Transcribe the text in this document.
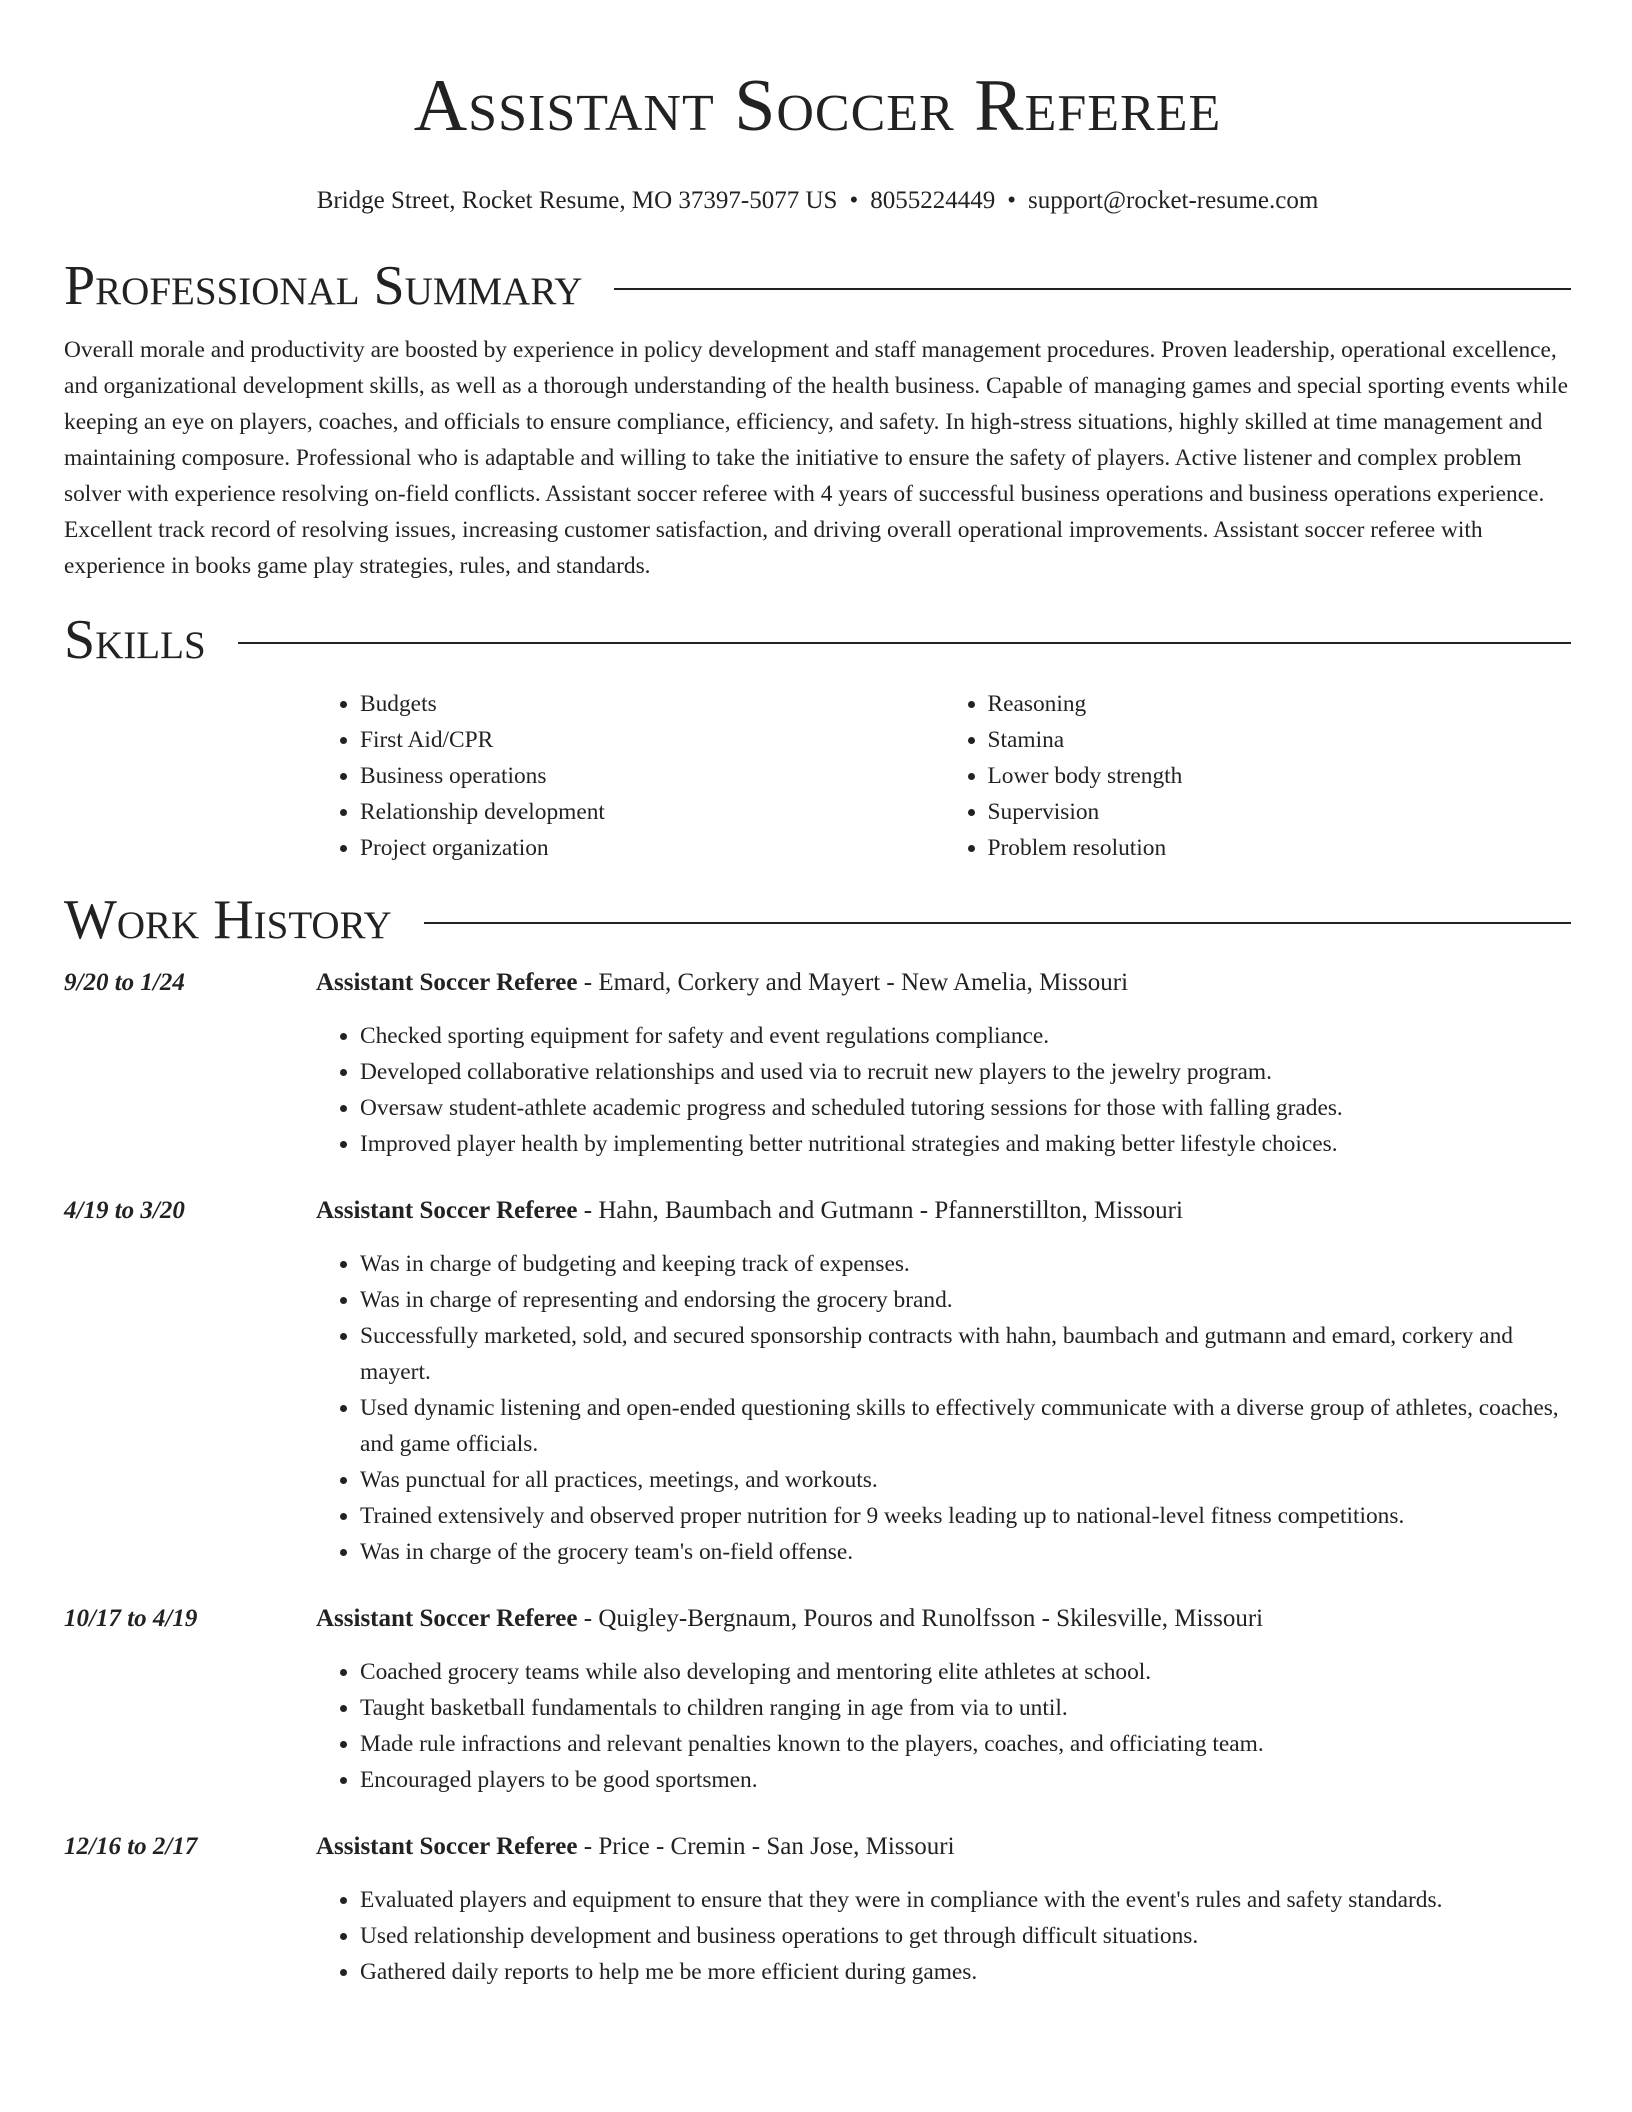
Assistant Soccer Referee
Bridge Street, Rocket Resume, MO 37397-5077 US • 8055224449 • support@rocket-resume.com
Professional Summary

Overall morale and productivity are boosted by experience in policy development and staff management procedures. Proven leadership, operational excellence, and organizational development skills, as well as a thorough understanding of the health business. Capable of managing games and special sporting events while keeping an eye on players, coaches, and officials to ensure compliance, efficiency, and safety. In high-stress situations, highly skilled at time management and maintaining composure. Professional who is adaptable and willing to take the initiative to ensure the safety of players. Active listener and complex problem solver with experience resolving on-field conflicts. Assistant soccer referee with 4 years of successful business operations and business operations experience. Excellent track record of resolving issues, increasing customer satisfaction, and driving overall operational improvements. Assistant soccer referee with experience in books game play strategies, rules, and standards.

Skills
• Budgets
• First Aid/CPR
• Business operations
• Relationship development
• Project organization
• Reasoning
• Stamina
• Lower body strength
• Supervision
• Problem resolution
Work History
9/20 to 1/24	Assistant Soccer Referee - Emard, Corkery and Mayert - New Amelia, Missouri
• Checked sporting equipment for safety and event regulations compliance.
• Developed collaborative relationships and used via to recruit new players to the jewelry program.
• Oversaw student-athlete academic progress and scheduled tutoring sessions for those with falling grades.
• Improved player health by implementing better nutritional strategies and making better lifestyle choices.
4/19 to 3/20	Assistant Soccer Referee - Hahn, Baumbach and Gutmann - Pfannerstillton, Missouri
• Was in charge of budgeting and keeping track of expenses.
• Was in charge of representing and endorsing the grocery brand.
• Successfully marketed, sold, and secured sponsorship contracts with hahn, baumbach and gutmann and emard, corkery and mayert.
• Used dynamic listening and open-ended questioning skills to effectively communicate with a diverse group of athletes, coaches, and game officials.
• Was punctual for all practices, meetings, and workouts.
• Trained extensively and observed proper nutrition for 9 weeks leading up to national-level fitness competitions.
• Was in charge of the grocery team's on-field offense.
10/17 to 4/19	Assistant Soccer Referee - Quigley-Bergnaum, Pouros and Runolfsson - Skilesville, Missouri
• Coached grocery teams while also developing and mentoring elite athletes at school.
• Taught basketball fundamentals to children ranging in age from via to until.
• Made rule infractions and relevant penalties known to the players, coaches, and officiating team.
• Encouraged players to be good sportsmen.
12/16 to 2/17	Assistant Soccer Referee - Price - Cremin - San Jose, Missouri
• Evaluated players and equipment to ensure that they were in compliance with the event's rules and safety standards.
• Used relationship development and business operations to get through difficult situations.
• Gathered daily reports to help me be more efficient during games.
